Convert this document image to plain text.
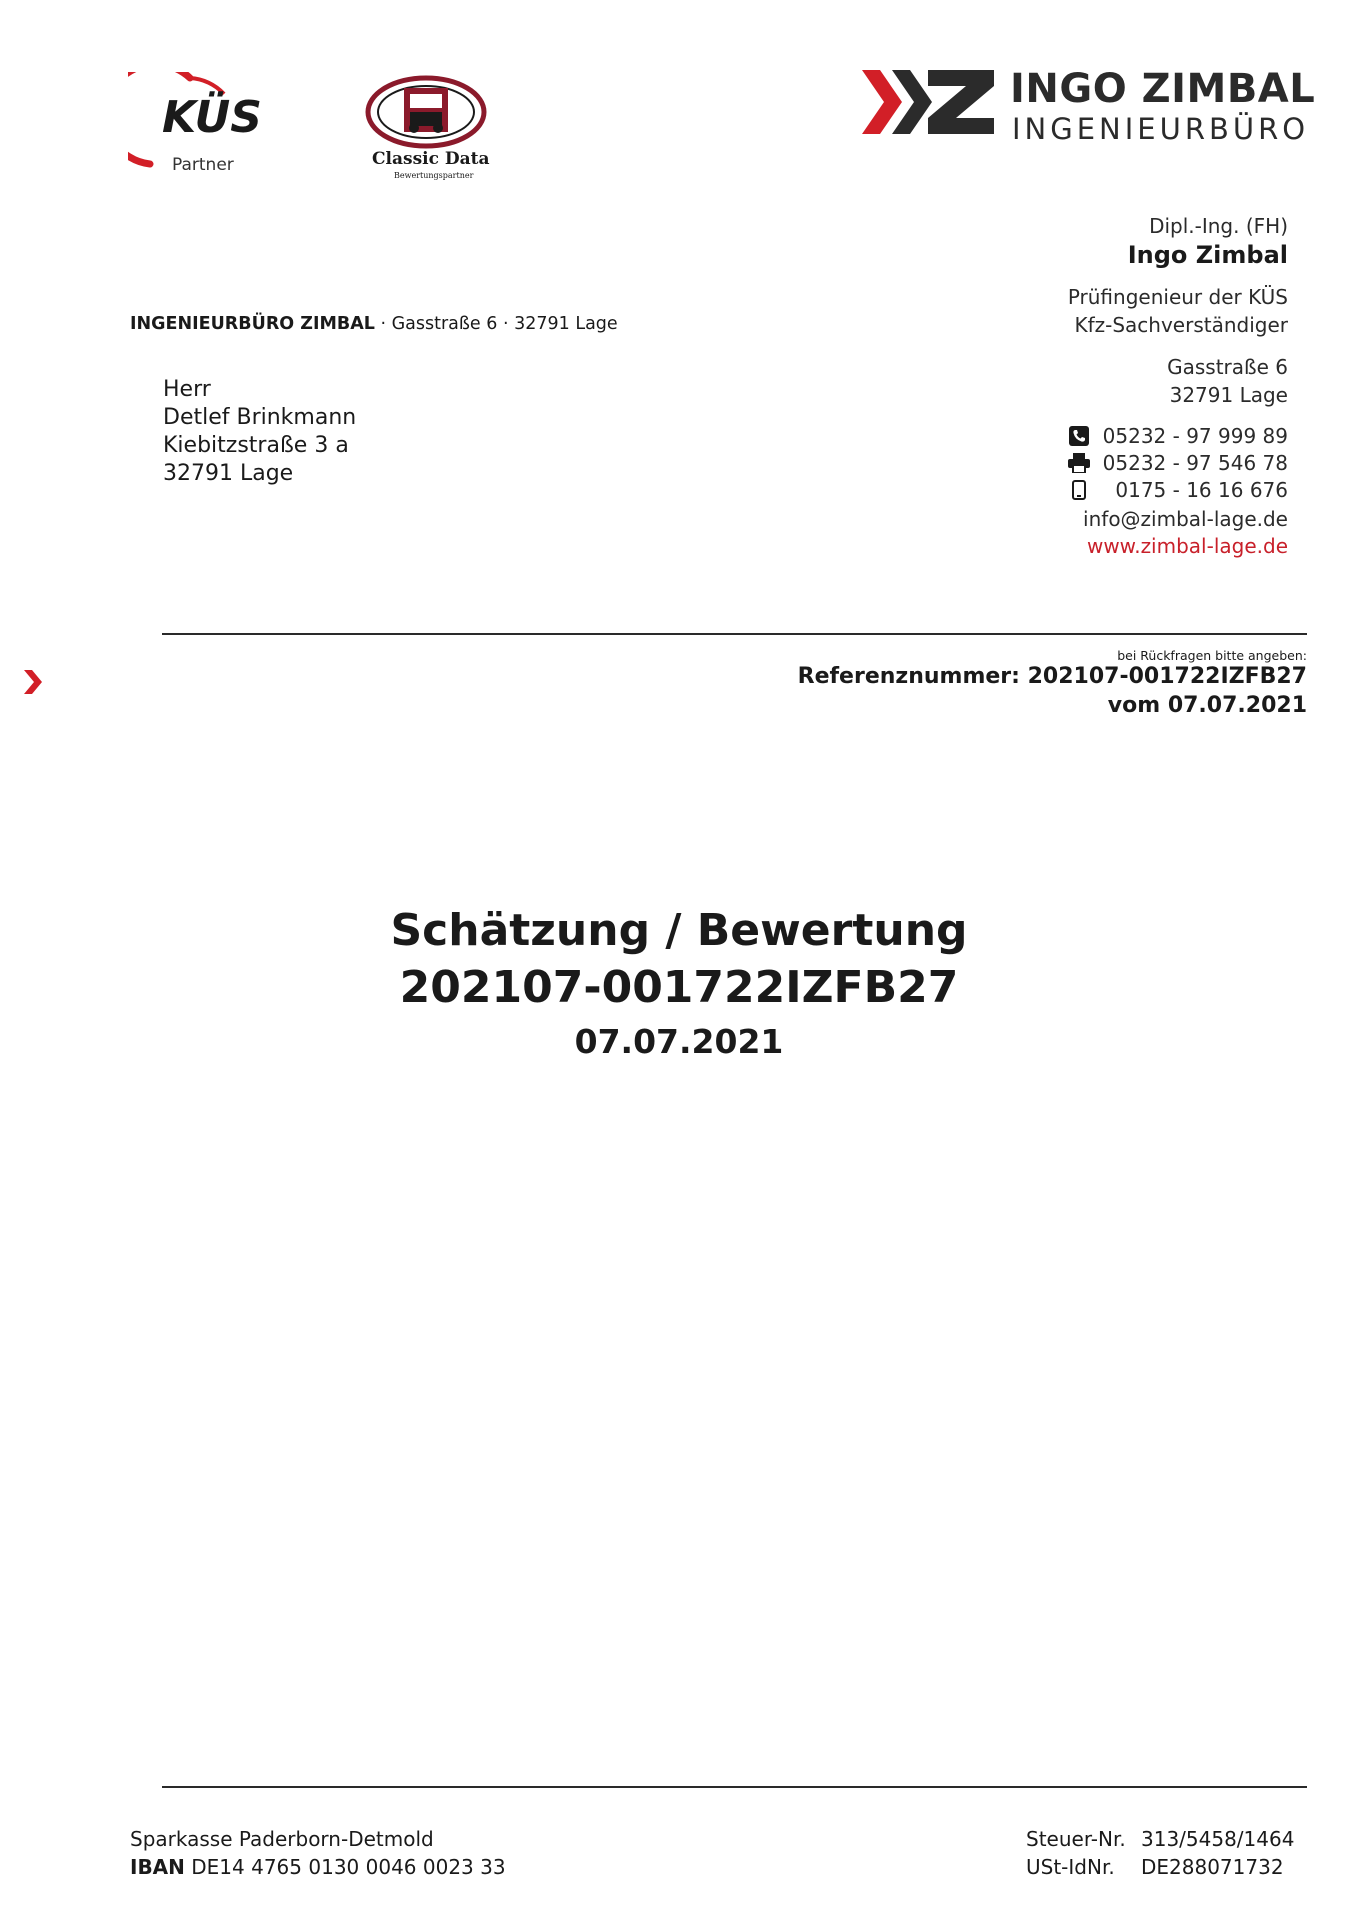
KÜS
Partner	Classic Data
Bewertungspartner
INGO ZIMBAL
INGENIEURBÜRO
Dipl.-Ing. (FH)
Ingo Zimbal
Prüfingenieur der KÜS
Kfz-Sachverständiger
Gasstraße 6
32791 Lage
05232 - 97 999 89
05232 - 97 546 78
0175 - 16 16 676
info@zimbal-lage.de
www.zimbal-lage.de
INGENIEURBÜRO ZIMBAL · Gasstraße 6 · 32791 Lage
Herr
Detlef Brinkmann
Kiebitzstraße 3 a
32791 Lage
bei Rückfragen bitte angeben:
Referenznummer: 202107-001722IZFB27
vom 07.07.2021
Schätzung / Bewertung
202107-001722IZFB27
07.07.2021
Sparkasse Paderborn-Detmold
IBAN DE14 4765 0130 0046 0023 33
Steuer-Nr. 313/5458/1464
USt-IdNr. DE288071732
